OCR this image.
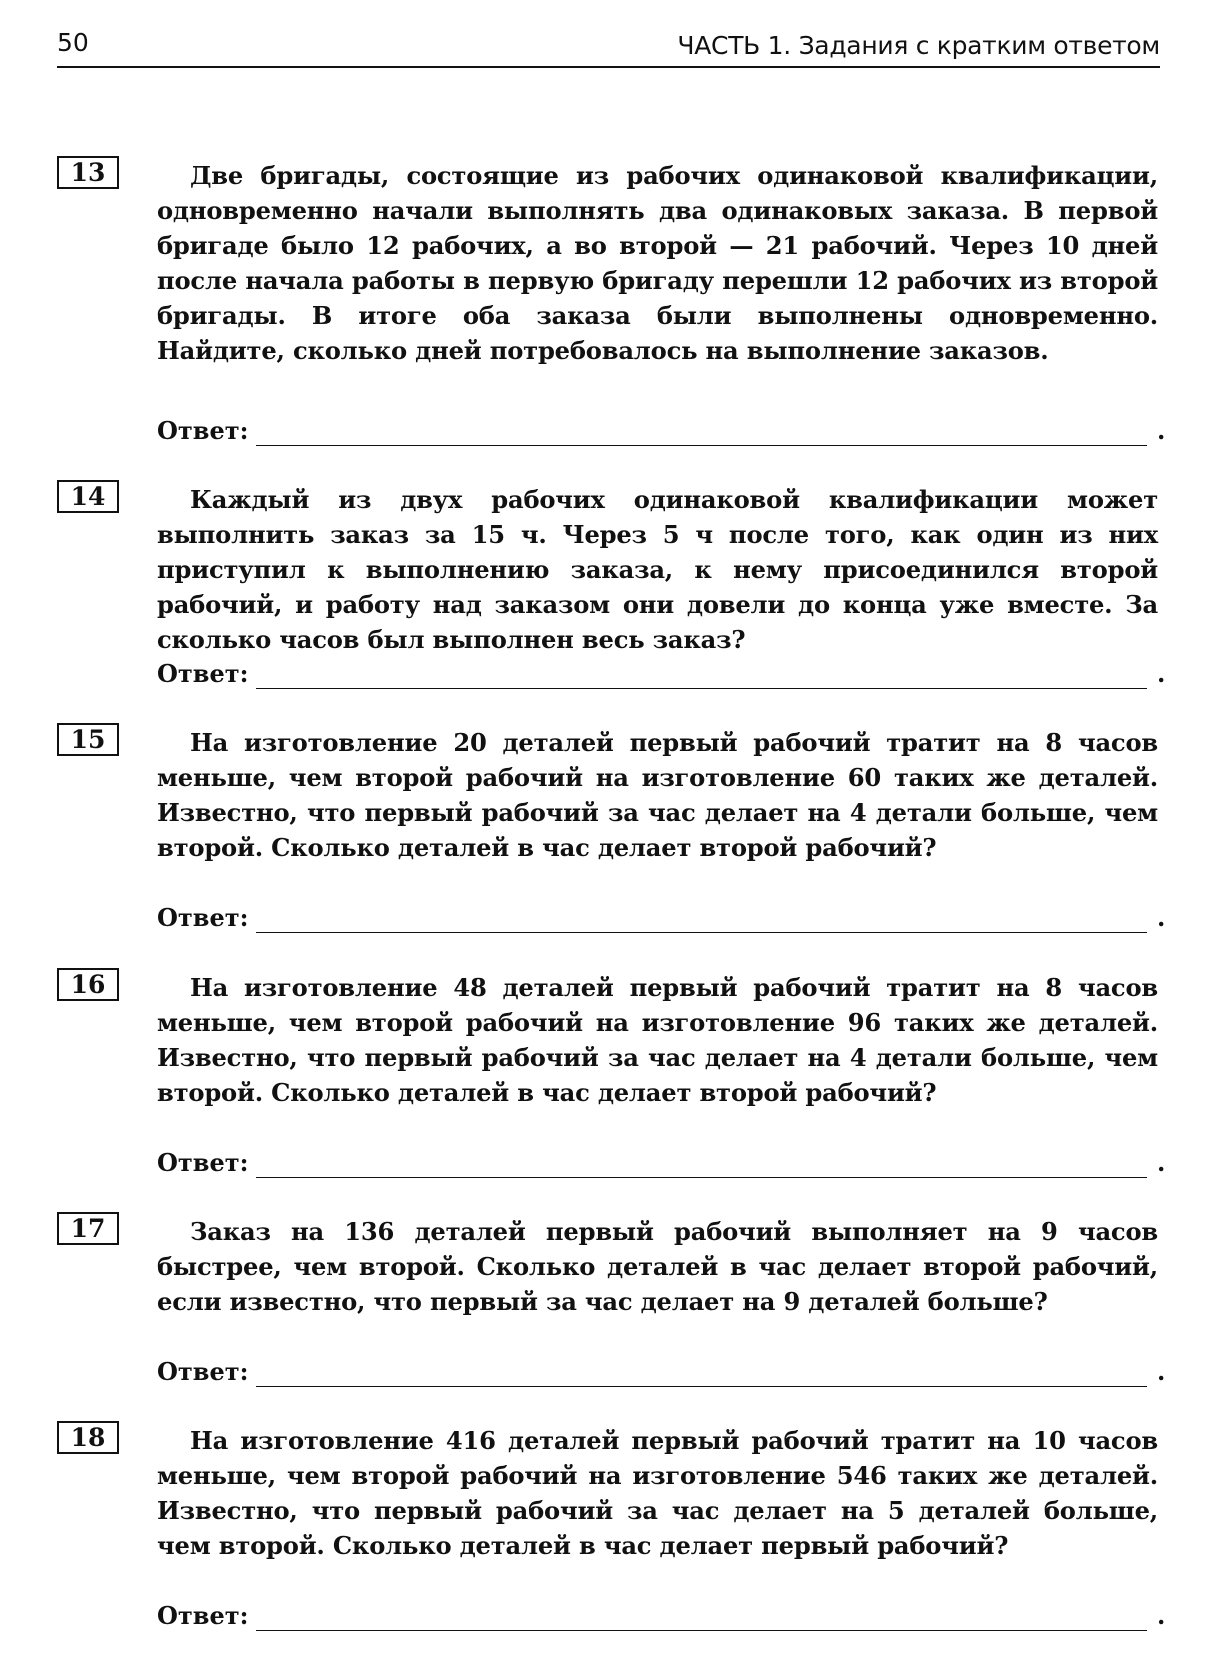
50	ЧАСТЬ 1. Задания с кратким ответом
13	Две бригады, состоящие из рабочих одинаковой квалификации, одновременно начали выполнять два одинаковых заказа. В первой бригаде было 12 рабочих, а во второй — 21 рабочий. Через 10 дней после начала работы в первую бригаду перешли 12 рабочих из второй бригады. В итоге оба заказа были выполнены одновременно. Найдите, сколько дней потребовалось на выполнение заказов.
Ответ:	.
14	Каждый из двух рабочих одинаковой квалификации может выполнить заказ за 15 ч. Через 5 ч после того, как один из них приступил к выполнению заказа, к нему присоединился второй рабочий, и работу над заказом они довели до конца уже вместе. За сколько часов был выполнен весь заказ?
Ответ:	.
15	На изготовление 20 деталей первый рабочий тратит на 8 часов меньше, чем второй рабочий на изготовление 60 таких же деталей. Известно, что первый рабочий за час делает на 4 детали больше, чем второй. Сколько деталей в час делает второй рабочий?
Ответ:	.
16	На изготовление 48 деталей первый рабочий тратит на 8 часов меньше, чем второй рабочий на изготовление 96 таких же деталей. Известно, что первый рабочий за час делает на 4 детали больше, чем второй. Сколько деталей в час делает второй рабочий?
Ответ:	.
17	Заказ на 136 деталей первый рабочий выполняет на 9 часов быстрее, чем второй. Сколько деталей в час делает второй рабочий, если известно, что первый за час делает на 9 деталей больше?
Ответ:	.
18	На изготовление 416 деталей первый рабочий тратит на 10 часов меньше, чем второй рабочий на изготовление 546 таких же деталей. Известно, что первый рабочий за час делает на 5 деталей больше, чем второй. Сколько деталей в час делает первый рабочий?
Ответ:	.
